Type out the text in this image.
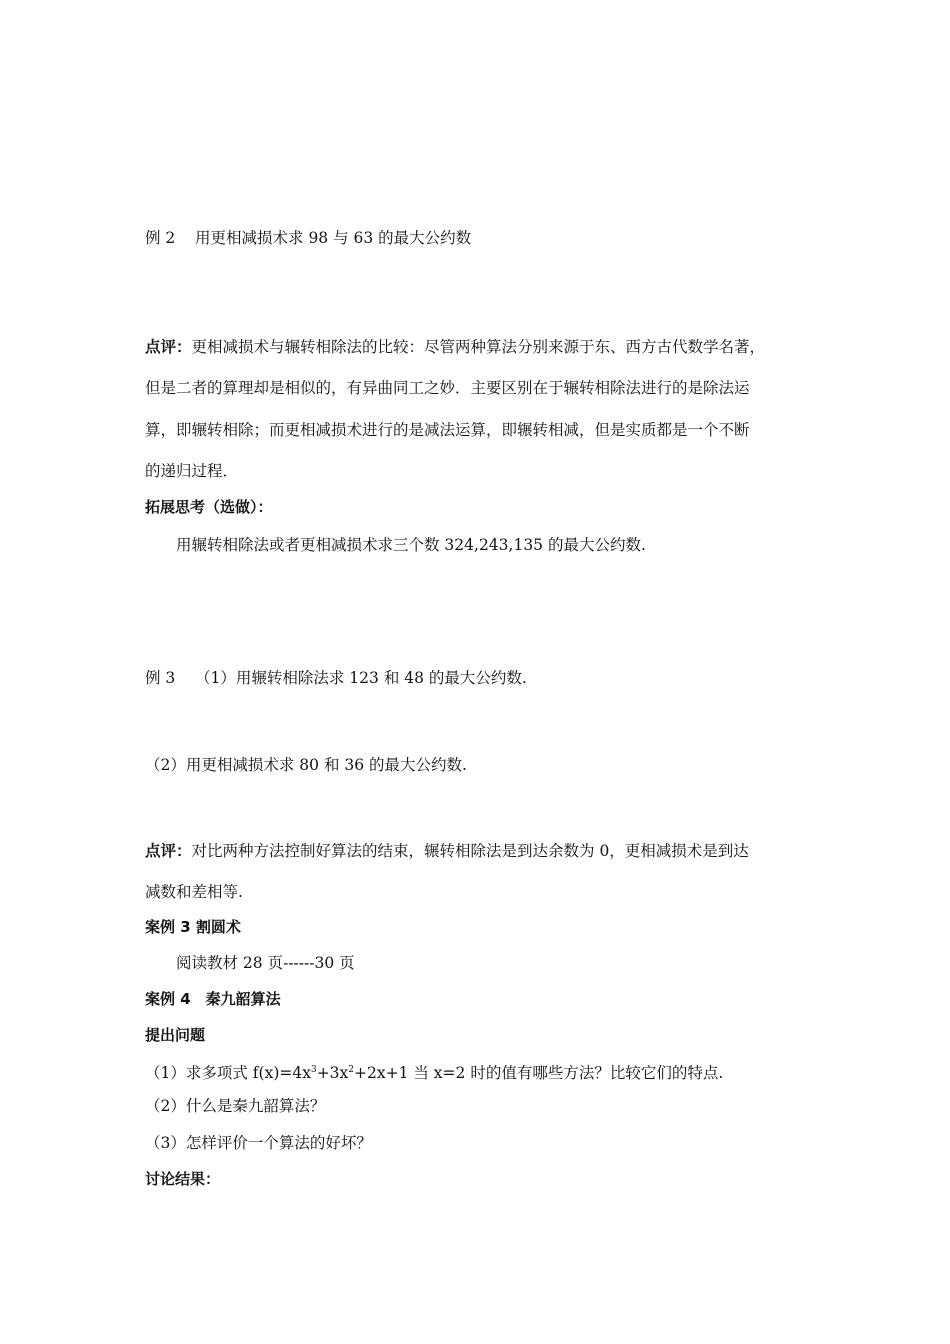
例 2 用更相减损术求 98 与 63 的最大公约数
点评：更相减损术与辗转相除法的比较：尽管两种算法分别来源于东、西方古代数学名著，
但是二者的算理却是相似的，有异曲同工之妙．主要区别在于辗转相除法进行的是除法运
算，即辗转相除；而更相减损术进行的是减法运算，即辗转相减，但是实质都是一个不断
的递归过程．
拓展思考（选做）：
用辗转相除法或者更相减损术求三个数 324,243,135 的最大公约数.
例 3 （1）用辗转相除法求 123 和 48 的最大公约数.
（2）用更相减损术求 80 和 36 的最大公约数.
点评：对比两种方法控制好算法的结束，辗转相除法是到达余数为 0，更相减损术是到达
减数和差相等.
案例 3 割圆术
阅读教材 28 页------30 页
案例 4　秦九韶算法
提出问题
（1）求多项式 $f(x)=4x^3+3x^2+2x+1$ 当 x=2 时的值有哪些方法？比较它们的特点.
（2）什么是秦九韶算法？
（3）怎样评价一个算法的好坏？
讨论结果：
